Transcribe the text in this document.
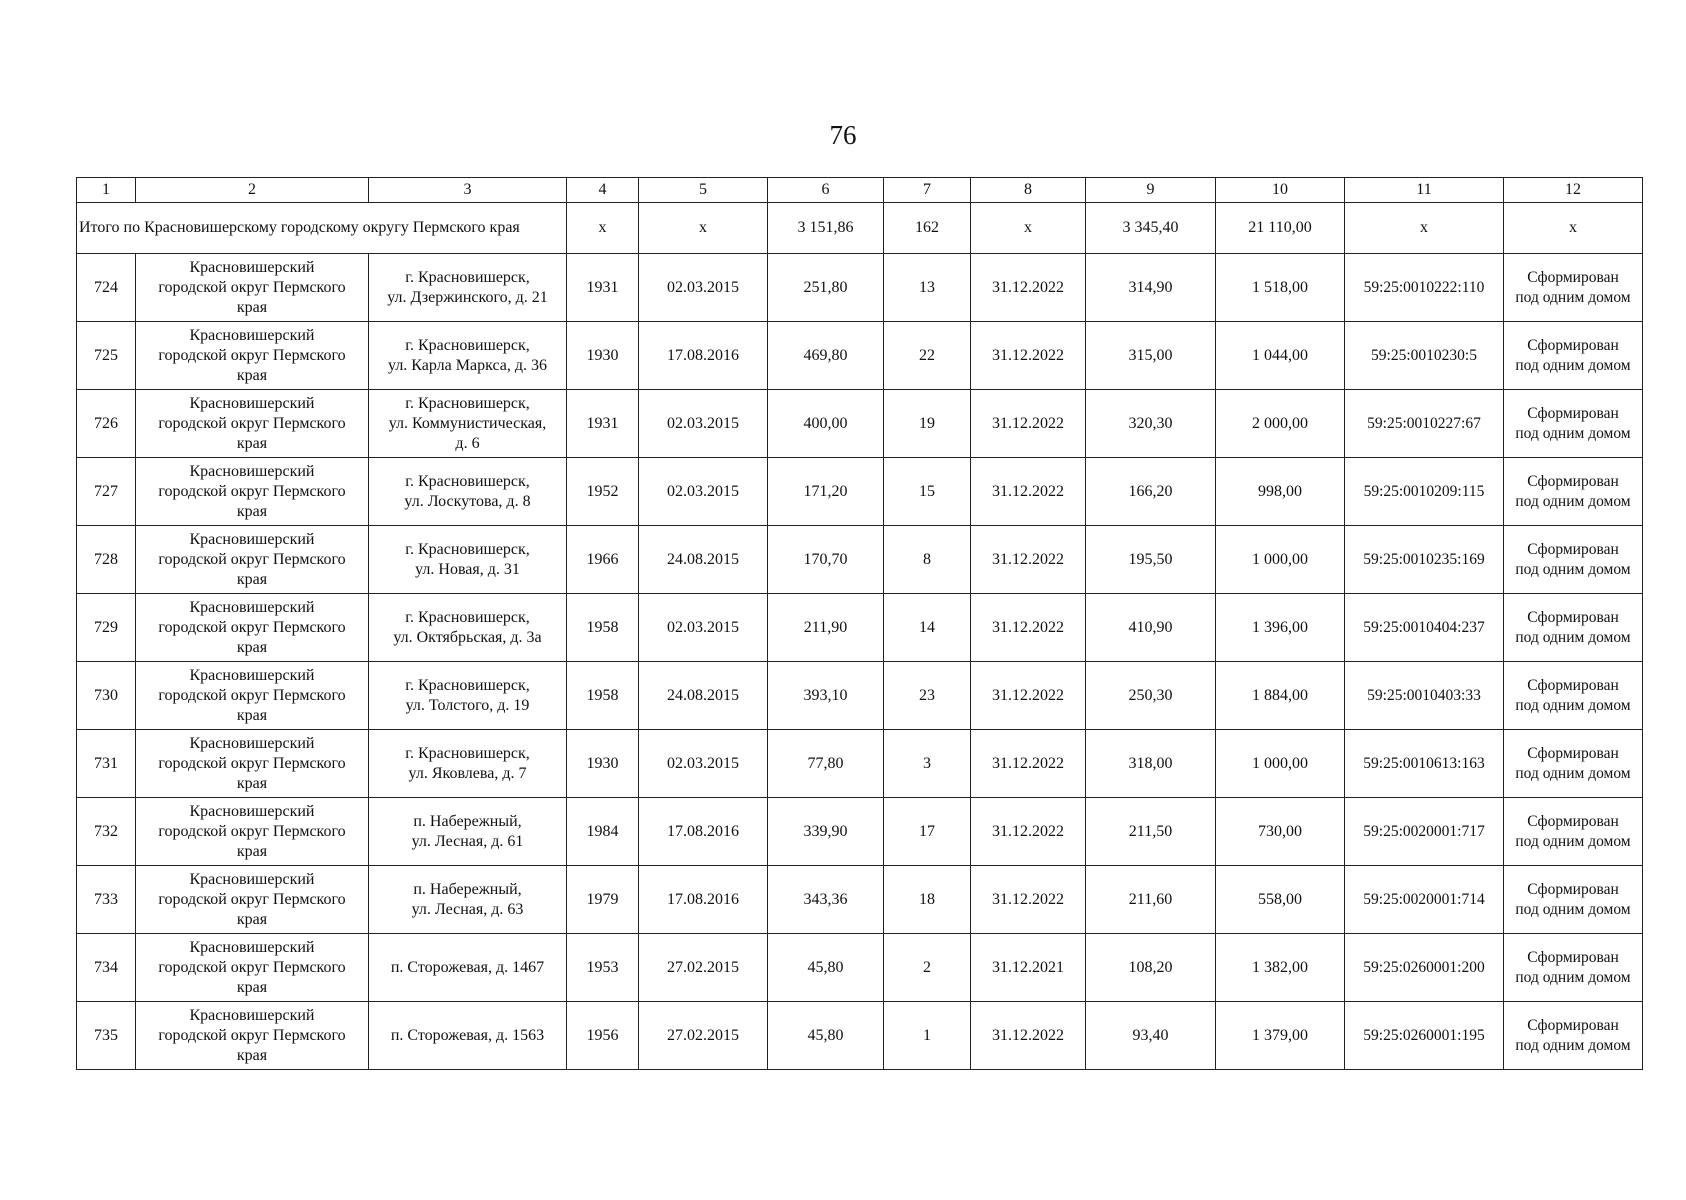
76
1	2	3	4	5	6	7	8	9	10	11	12
Итого по Красновишерскому городскому округу Пермского края			х	х	3 151,86	162	х	3 345,40	21 110,00	х	х
724	Красновишерский
городской округ Пермского
края	г. Красновишерск,
ул. Дзержинского, д. 21	1931	02.03.2015	251,80	13	31.12.2022	314,90	1 518,00	59:25:0010222:110	Сформирован
под одним домом

725	Красновишерский
городской округ Пермского
края	г. Красновишерск,
ул. Карла Маркса, д. 36	1930	17.08.2016	469,80	22	31.12.2022	315,00	1 044,00	59:25:0010230:5	Сформирован
под одним домом

726	Красновишерский
городской округ Пермского
края	г. Красновишерск,
ул. Коммунистическая,
д. 6	1931	02.03.2015	400,00	19	31.12.2022	320,30	2 000,00	59:25:0010227:67	Сформирован
под одним домом

727	Красновишерский
городской округ Пермского
края	г. Красновишерск,
ул. Лоскутова, д. 8	1952	02.03.2015	171,20	15	31.12.2022	166,20	998,00	59:25:0010209:115	Сформирован
под одним домом

728	Красновишерский
городской округ Пермского
края	г. Красновишерск,
ул. Новая, д. 31	1966	24.08.2015	170,70	8	31.12.2022	195,50	1 000,00	59:25:0010235:169	Сформирован
под одним домом

729	Красновишерский
городской округ Пермского
края	г. Красновишерск,
ул. Октябрьская, д. 3а	1958	02.03.2015	211,90	14	31.12.2022	410,90	1 396,00	59:25:0010404:237	Сформирован
под одним домом

730	Красновишерский
городской округ Пермского
края	г. Красновишерск,
ул. Толстого, д. 19	1958	24.08.2015	393,10	23	31.12.2022	250,30	1 884,00	59:25:0010403:33	Сформирован
под одним домом

731	Красновишерский
городской округ Пермского
края	г. Красновишерск,
ул. Яковлева, д. 7	1930	02.03.2015	77,80	3	31.12.2022	318,00	1 000,00	59:25:0010613:163	Сформирован
под одним домом

732	Красновишерский
городской округ Пермского
края	п. Набережный,
ул. Лесная, д. 61	1984	17.08.2016	339,90	17	31.12.2022	211,50	730,00	59:25:0020001:717	Сформирован
под одним домом

733	Красновишерский
городской округ Пермского
края	п. Набережный,
ул. Лесная, д. 63	1979	17.08.2016	343,36	18	31.12.2022	211,60	558,00	59:25:0020001:714	Сформирован
под одним домом

734	Красновишерский
городской округ Пермского
края	п. Сторожевая, д. 1467	1953	27.02.2015	45,80	2	31.12.2021	108,20	1 382,00	59:25:0260001:200	Сформирован
под одним домом

735	Красновишерский
городской округ Пермского
края	п. Сторожевая, д. 1563	1956	27.02.2015	45,80	1	31.12.2022	93,40	1 379,00	59:25:0260001:195	Сформирован
под одним домом
